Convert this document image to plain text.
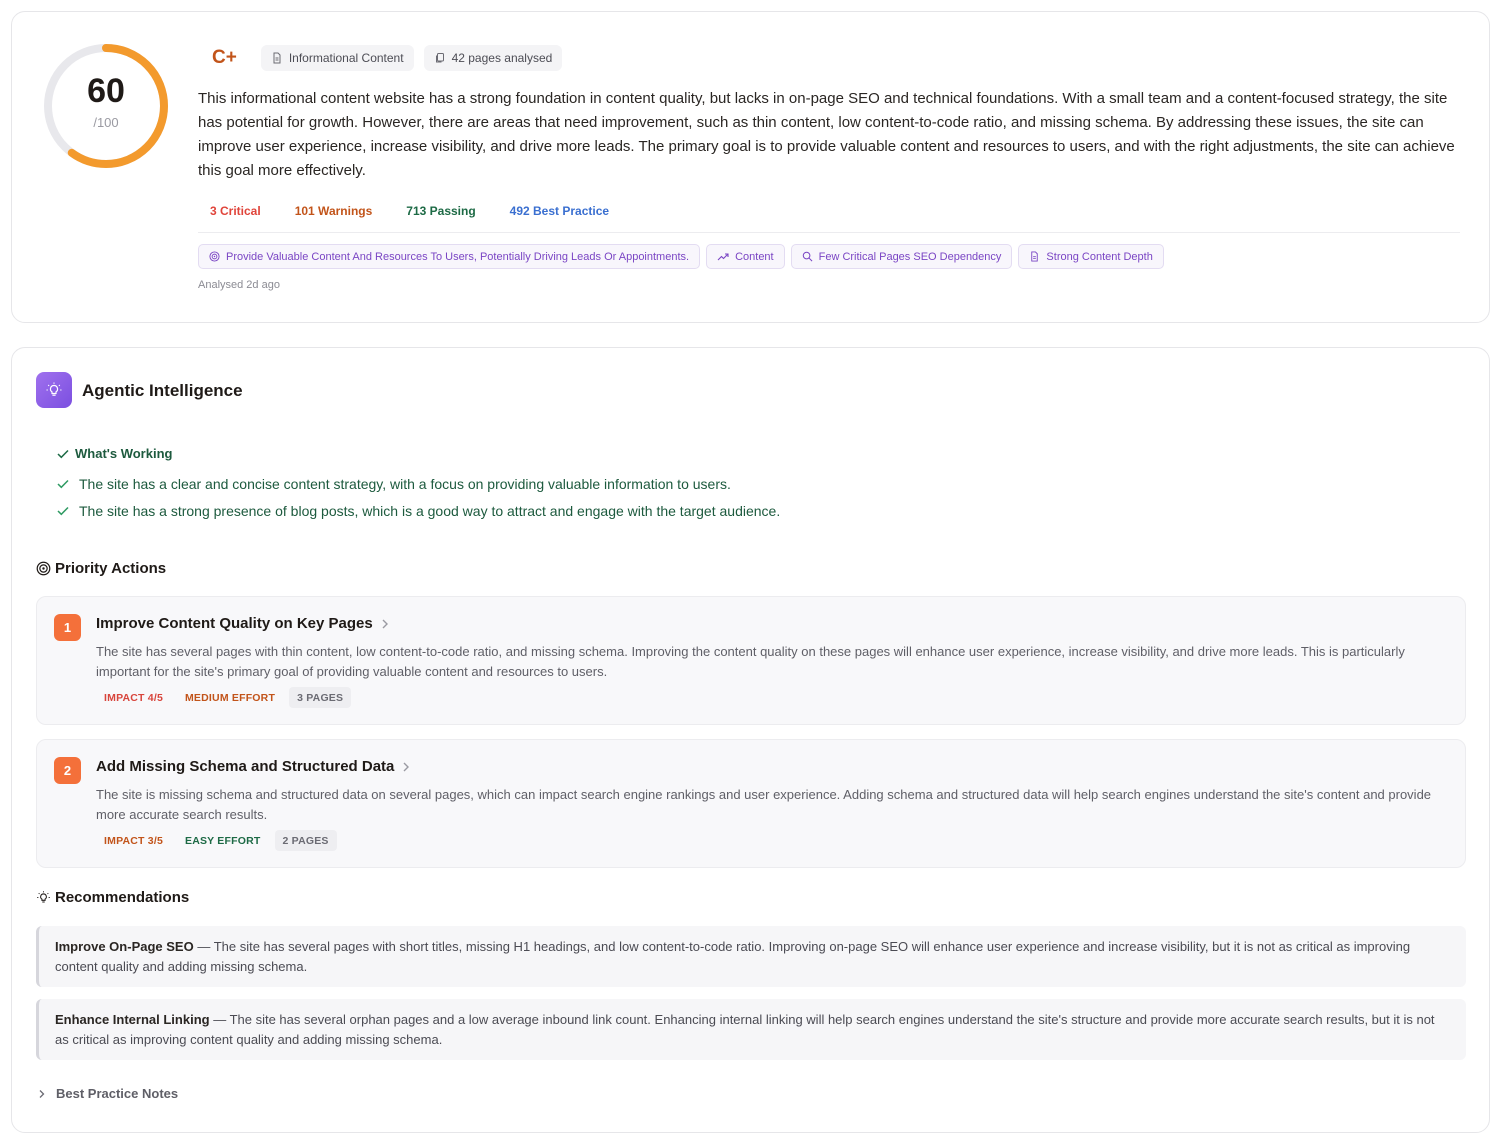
60
/100
C+	Informational Content	42 pages analysed

This informational content website has a strong foundation in content quality, but lacks in on-page SEO and technical foundations. With a small team and a content-focused strategy, the site has potential for growth. However, there are areas that need improvement, such as thin content, low content-to-code ratio, and missing schema. By addressing these issues, the site can improve user experience, increase visibility, and drive more leads. The primary goal is to provide valuable content and resources to users, and with the right adjustments, the site can achieve this goal more effectively.

3 Critical	101 Warnings	713 Passing	492 Best Practice
Provide Valuable Content And Resources To Users, Potentially Driving Leads Or Appointments.	Content	Few Critical Pages SEO Dependency	Strong Content Depth
Analysed 2d ago
Agentic Intelligence
What's Working
The site has a clear and concise content strategy, with a focus on providing valuable information to users.
The site has a strong presence of blog posts, which is a good way to attract and engage with the target audience.
Priority Actions
1	Improve Content Quality on Key Pages
The site has several pages with thin content, low content-to-code ratio, and missing schema. Improving the content quality on these pages will enhance user experience, increase visibility, and drive more leads. This is particularly important for the site's primary goal of providing valuable content and resources to users.
IMPACT 4/5	MEDIUM EFFORT	3 PAGES
2	Add Missing Schema and Structured Data
The site is missing schema and structured data on several pages, which can impact search engine rankings and user experience. Adding schema and structured data will help search engines understand the site's content and provide more accurate search results.
IMPACT 3/5	EASY EFFORT	2 PAGES
Recommendations
Improve On-Page SEO — The site has several pages with short titles, missing H1 headings, and low content-to-code ratio. Improving on-page SEO will enhance user experience and increase visibility, but it is not as critical as improving content quality and adding missing schema.
Enhance Internal Linking — The site has several orphan pages and a low average inbound link count. Enhancing internal linking will help search engines understand the site's structure and provide more accurate search results, but it is not as critical as improving content quality and adding missing schema.
Best Practice Notes
